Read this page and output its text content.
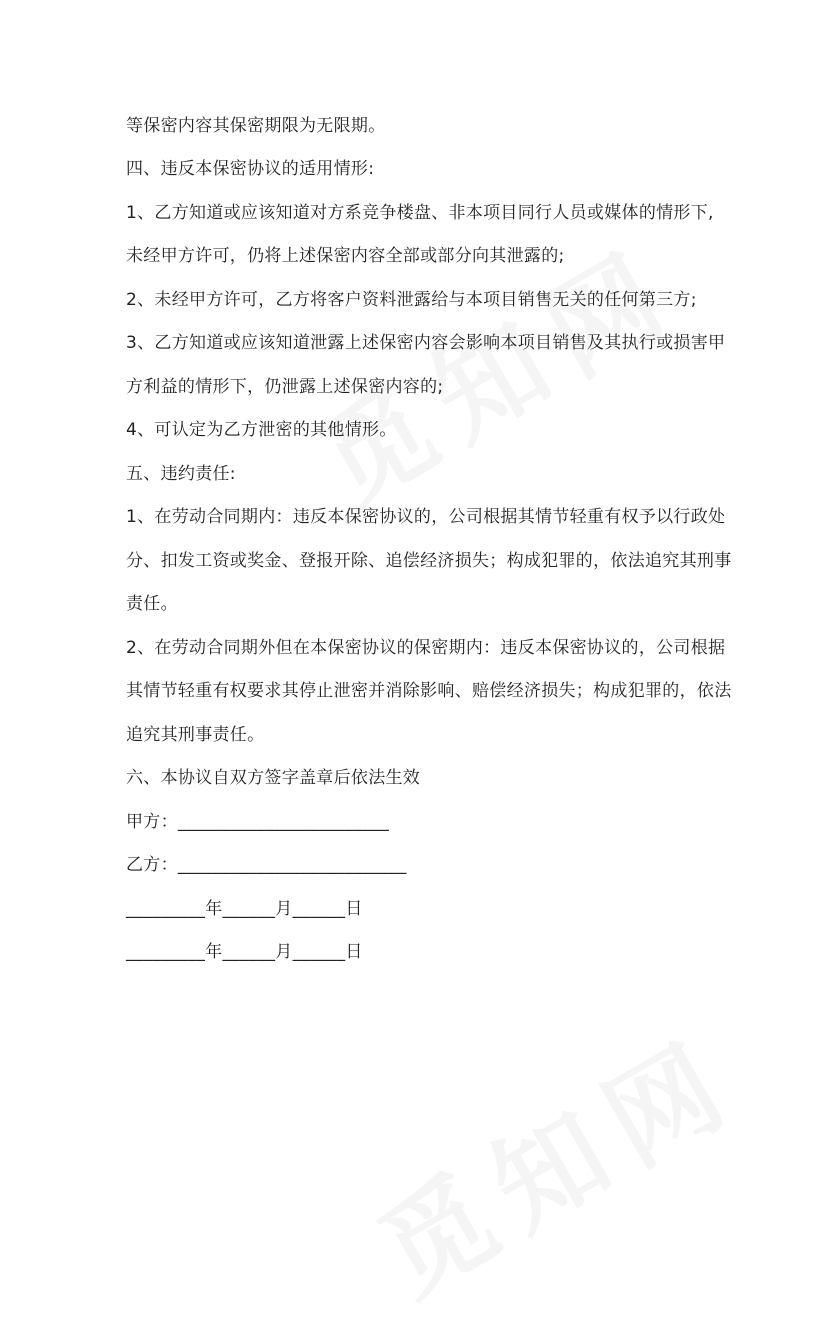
等保密内容其保密期限为无限期。
四、违反本保密协议的适用情形:
1、乙方知道或应该知道对方系竞争楼盘、非本项目同行人员或媒体的情形下,
未经甲方许可，仍将上述保密内容全部或部分向其泄露的;
2、未经甲方许可，乙方将客户资料泄露给与本项目销售无关的任何第三方;
3、乙方知道或应该知道泄露上述保密内容会影响本项目销售及其执行或损害甲
方利益的情形下，仍泄露上述保密内容的;
4、可认定为乙方泄密的其他情形。
五、违约责任:
1、在劳动合同期内：违反本保密协议的，公司根据其情节轻重有权予以行政处
分、扣发工资或奖金、登报开除、追偿经济损失；构成犯罪的，依法追究其刑事
责任。
2、在劳动合同期外但在本保密协议的保密期内：违反本保密协议的，公司根据
其情节轻重有权要求其停止泄密并消除影响、赔偿经济损失；构成犯罪的，依法
追究其刑事责任。
六、本协议自双方签字盖章后依法生效
甲方：________________________
乙方：__________________________
_________年______月______日
_________年______月______日
